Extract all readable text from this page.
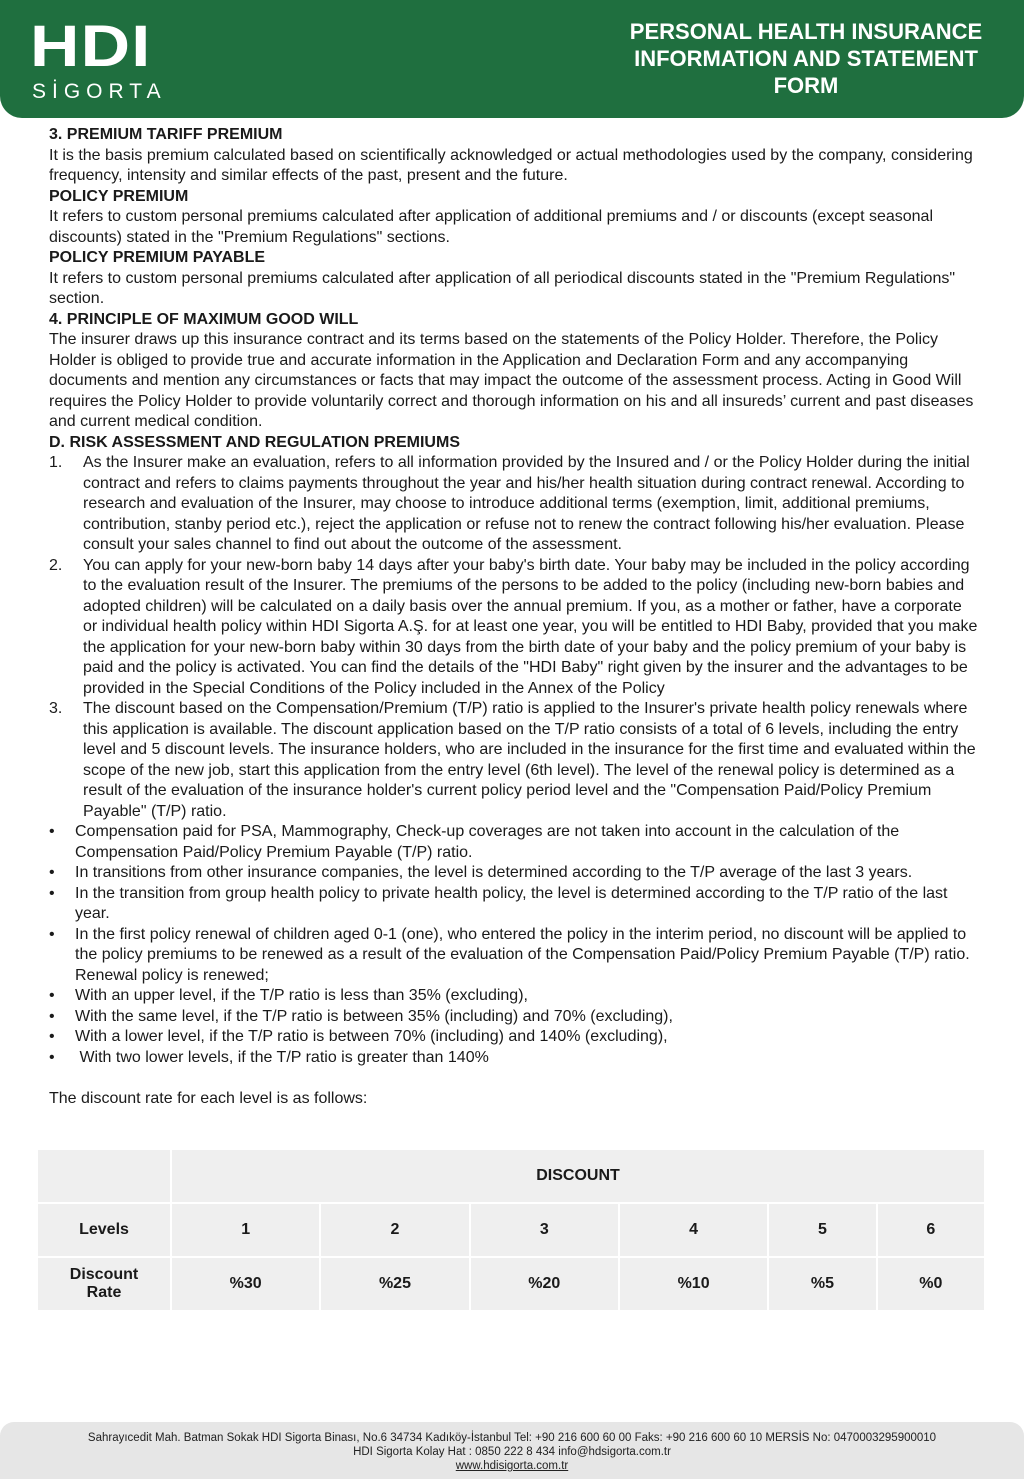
HDI
SİGORTA
PERSONAL HEALTH INSURANCE
INFORMATION AND STATEMENT
FORM

3. PREMIUM TARIFF PREMIUM

It is the basis premium calculated based on scientifically acknowledged or actual methodologies used by the company, considering frequency, intensity and similar effects of the past, present and the future.

POLICY PREMIUM

It refers to custom personal premiums calculated after application of additional premiums and / or discounts (except seasonal discounts) stated in the "Premium Regulations" sections.

POLICY PREMIUM PAYABLE

It refers to custom personal premiums calculated after application of all periodical discounts stated in the "Premium Regulations" section.

4. PRINCIPLE OF MAXIMUM GOOD WILL

The insurer draws up this insurance contract and its terms based on the statements of the Policy Holder. Therefore, the Policy Holder is obliged to provide true and accurate information in the Application and Declaration Form and any accompanying documents and mention any circumstances or facts that may impact the outcome of the assessment process. Acting in Good Will requires the Policy Holder to provide voluntarily correct and thorough information on his and all insureds’ current and past diseases and current medical condition.

D. RISK ASSESSMENT AND REGULATION PREMIUMS

1. As the Insurer make an evaluation, refers to all information provided by the Insured and / or the Policy Holder during the initial contract and refers to claims payments throughout the year and his/her health situation during contract renewal. According to research and evaluation of the Insurer, may choose to introduce additional terms (exemption, limit, additional premiums, contribution, stanby period etc.), reject the application or refuse not to renew the contract following his/her evaluation. Please consult your sales channel to find out about the outcome of the assessment.
2. You can apply for your new-born baby 14 days after your baby's birth date. Your baby may be included in the policy according to the evaluation result of the Insurer. The premiums of the persons to be added to the policy (including new-born babies and adopted children) will be calculated on a daily basis over the annual premium. If you, as a mother or father, have a corporate or individual health policy within HDI Sigorta A.Ş. for at least one year, you will be entitled to HDI Baby, provided that you make the application for your new-born baby within 30 days from the birth date of your baby and the policy premium of your baby is paid and the policy is activated. You can find the details of the "HDI Baby" right given by the insurer and the advantages to be provided in the Special Conditions of the Policy included in the Annex of the Policy
3. The discount based on the Compensation/Premium (T/P) ratio is applied to the Insurer's private health policy renewals where this application is available. The discount application based on the T/P ratio consists of a total of 6 levels, including the entry level and 5 discount levels. The insurance holders, who are included in the insurance for the first time and evaluated within the scope of the new job, start this application from the entry level (6th level). The level of the renewal policy is determined as a result of the evaluation of the insurance holder's current policy period level and the "Compensation Paid/Policy Premium Payable" (T/P) ratio.
• Compensation paid for PSA, Mammography, Check-up coverages are not taken into account in the calculation of the Compensation Paid/Policy Premium Payable (T/P) ratio.
• In transitions from other insurance companies, the level is determined according to the T/P average of the last 3 years.
• In the transition from group health policy to private health policy, the level is determined according to the T/P ratio of the last year.
• In the first policy renewal of children aged 0-1 (one), who entered the policy in the interim period, no discount will be applied to the policy premiums to be renewed as a result of the evaluation of the Compensation Paid/Policy Premium Payable (T/P) ratio. Renewal policy is renewed;
• With an upper level, if the T/P ratio is less than 35% (excluding),
• With the same level, if the T/P ratio is between 35% (including) and 70% (excluding),
• With a lower level, if the T/P ratio is between 70% (including) and 140% (excluding),
• With two lower levels, if the T/P ratio is greater than 140%

The discount rate for each level is as follows:

	DISCOUNT					
Levels	1	2	3	4	5	6

Discount
Rate	%30	%25	%20	%10	%5	%0
Sahrayıcedit Mah. Batman Sokak HDI Sigorta Binası, No.6 34734 Kadıköy-İstanbul Tel: +90 216 600 60 00 Faks: +90 216 600 60 10 MERSİS No: 0470003295900010
HDI Sigorta Kolay Hat : 0850 222 8 434 info@hdsigorta.com.tr
www.hdisigorta.com.tr
